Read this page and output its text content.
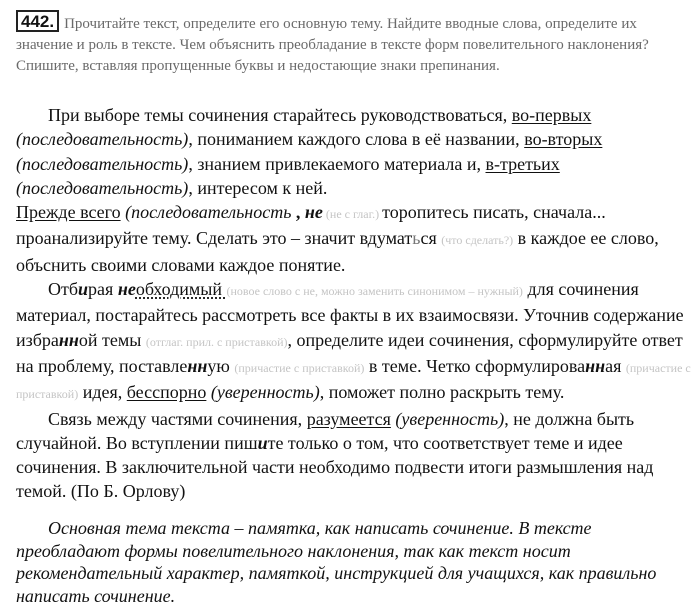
442. Прочитайте текст, определите его основную тему. Найдите вводные слова, определите их значение и роль в тексте. Чем объяснить преобладание в тексте форм повелительного наклонения? Спишите, вставляя пропущенные буквы и недостающие знаки препинания.

При выборе темы сочинения старайтесь руководствоваться, во-первых (последовательность), пониманием каждого слова в её названии, во-вторых
(последовательность), знанием привлекаемого материала и, в-третьих
(последовательность), интересом к ней.

Прежде всего (последовательность , не (не с глаг.) торопитесь писать, сначала... проанализируйте тему. Сделать это – значит вдуматься (что сделать?) в каждое ее слово, объснить своими словами каждое понятие.

Отбирая необходимый (новое слово с не, можно заменить синонимом – нужный) для сочинения материал, постарайтесь рассмотреть все факты в их взаимосвязи. Уточнив содержание избранной темы (отглаг. прил. с приставкой), определите идеи сочинения, сформулируйте ответ на проблему, поставленную (причастие с приставкой) в теме. Четко сформулированная (причастие с приставкой) идея, бесспорно (уверенность), поможет полно раскрыть тему.

Связь между частями сочинения, разумеется (уверенность), не должна быть случайной. Во вступлении пишите только о том, что соответствует теме и идее сочинения. В заключительной части необходимо подвести итоги размышления над темой. (По Б. Орлову)

Основная тема текста – памятка, как написать сочинение. В тексте преобладают формы повелительного наклонения, так как текст носит рекомендательный характер, памяткой, инструкцией для учащихся, как правильно написать сочинение.
